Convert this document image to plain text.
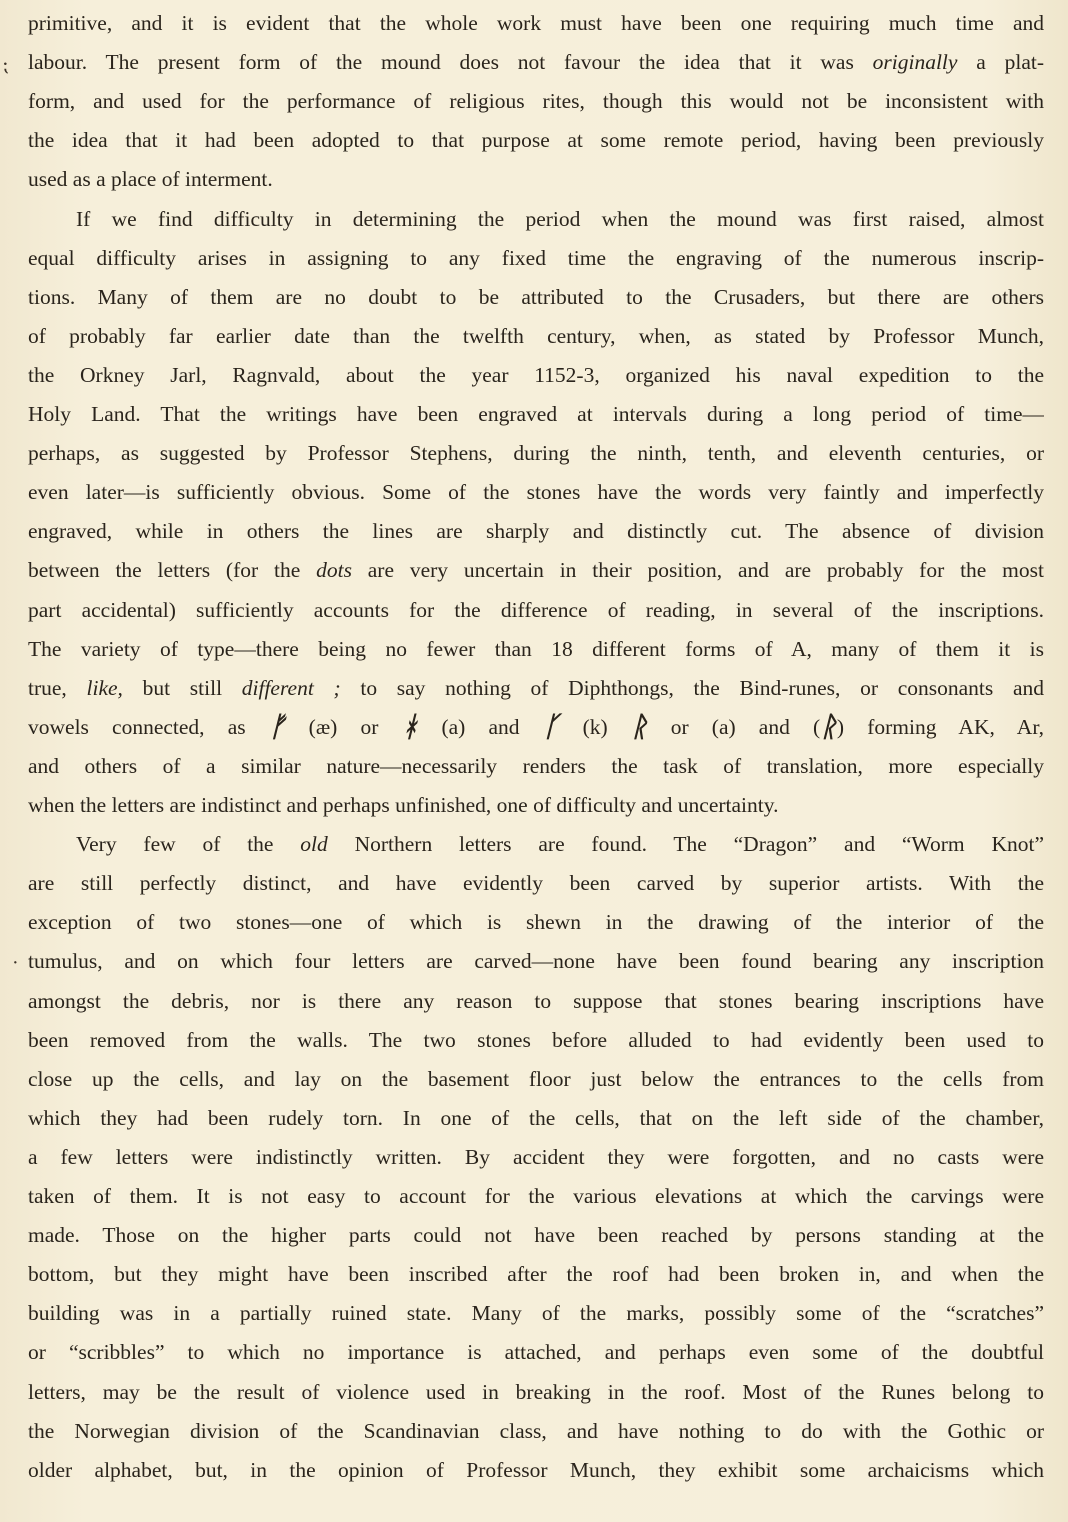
⁏
·
primitive, and it is evident that the whole work must have been one requiring much time and
labour. The present form of the mound does not favour the idea that it was originally a plat-
form, and used for the performance of religious rites, though this would not be inconsistent with
the idea that it had been adopted to that purpose at some remote period, having been previously
used as a place of interment.
If we find difficulty in determining the period when the mound was first raised, almost
equal difficulty arises in assigning to any fixed time the engraving of the numerous inscrip-
tions. Many of them are no doubt to be attributed to the Crusaders, but there are others
of probably far earlier date than the twelfth century, when, as stated by Professor Munch,
the Orkney Jarl, Ragnvald, about the year 1152-3, organized his naval expedition to the
Holy Land. That the writings have been engraved at intervals during a long period of time—
perhaps, as suggested by Professor Stephens, during the ninth, tenth, and eleventh centuries, or
even later—is sufficiently obvious. Some of the stones have the words very faintly and imperfectly
engraved, while in others the lines are sharply and distinctly cut. The absence of division
between the letters (for the dots are very uncertain in their position, and are probably for the most
part accidental) sufficiently accounts for the difference of reading, in several of the inscriptions.
The variety of type—there being no fewer than 18 different forms of A, many of them it is
true, like, but still different ; to say nothing of Diphthongs, the Bind-runes, or consonants and
vowels connected, as ᚠ (æ) or ᚼ (a) and ᚴ (k) ᚱ or (a) and (ᚱ) forming AK, Ar,
and others of a similar nature—necessarily renders the task of translation, more especially
when the letters are indistinct and perhaps unfinished, one of difficulty and uncertainty.
Very few of the old Northern letters are found. The “Dragon” and “Worm Knot”
are still perfectly distinct, and have evidently been carved by superior artists. With the
exception of two stones—one of which is shewn in the drawing of the interior of the
tumulus, and on which four letters are carved—none have been found bearing any inscription
amongst the debris, nor is there any reason to suppose that stones bearing inscriptions have
been removed from the walls. The two stones before alluded to had evidently been used to
close up the cells, and lay on the basement floor just below the entrances to the cells from
which they had been rudely torn. In one of the cells, that on the left side of the chamber,
a few letters were indistinctly written. By accident they were forgotten, and no casts were
taken of them. It is not easy to account for the various elevations at which the carvings were
made. Those on the higher parts could not have been reached by persons standing at the
bottom, but they might have been inscribed after the roof had been broken in, and when the
building was in a partially ruined state. Many of the marks, possibly some of the “scratches”
or “scribbles” to which no importance is attached, and perhaps even some of the doubtful
letters, may be the result of violence used in breaking in the roof. Most of the Runes belong to
the Norwegian division of the Scandinavian class, and have nothing to do with the Gothic or
older alphabet, but, in the opinion of Professor Munch, they exhibit some archaicisms which
